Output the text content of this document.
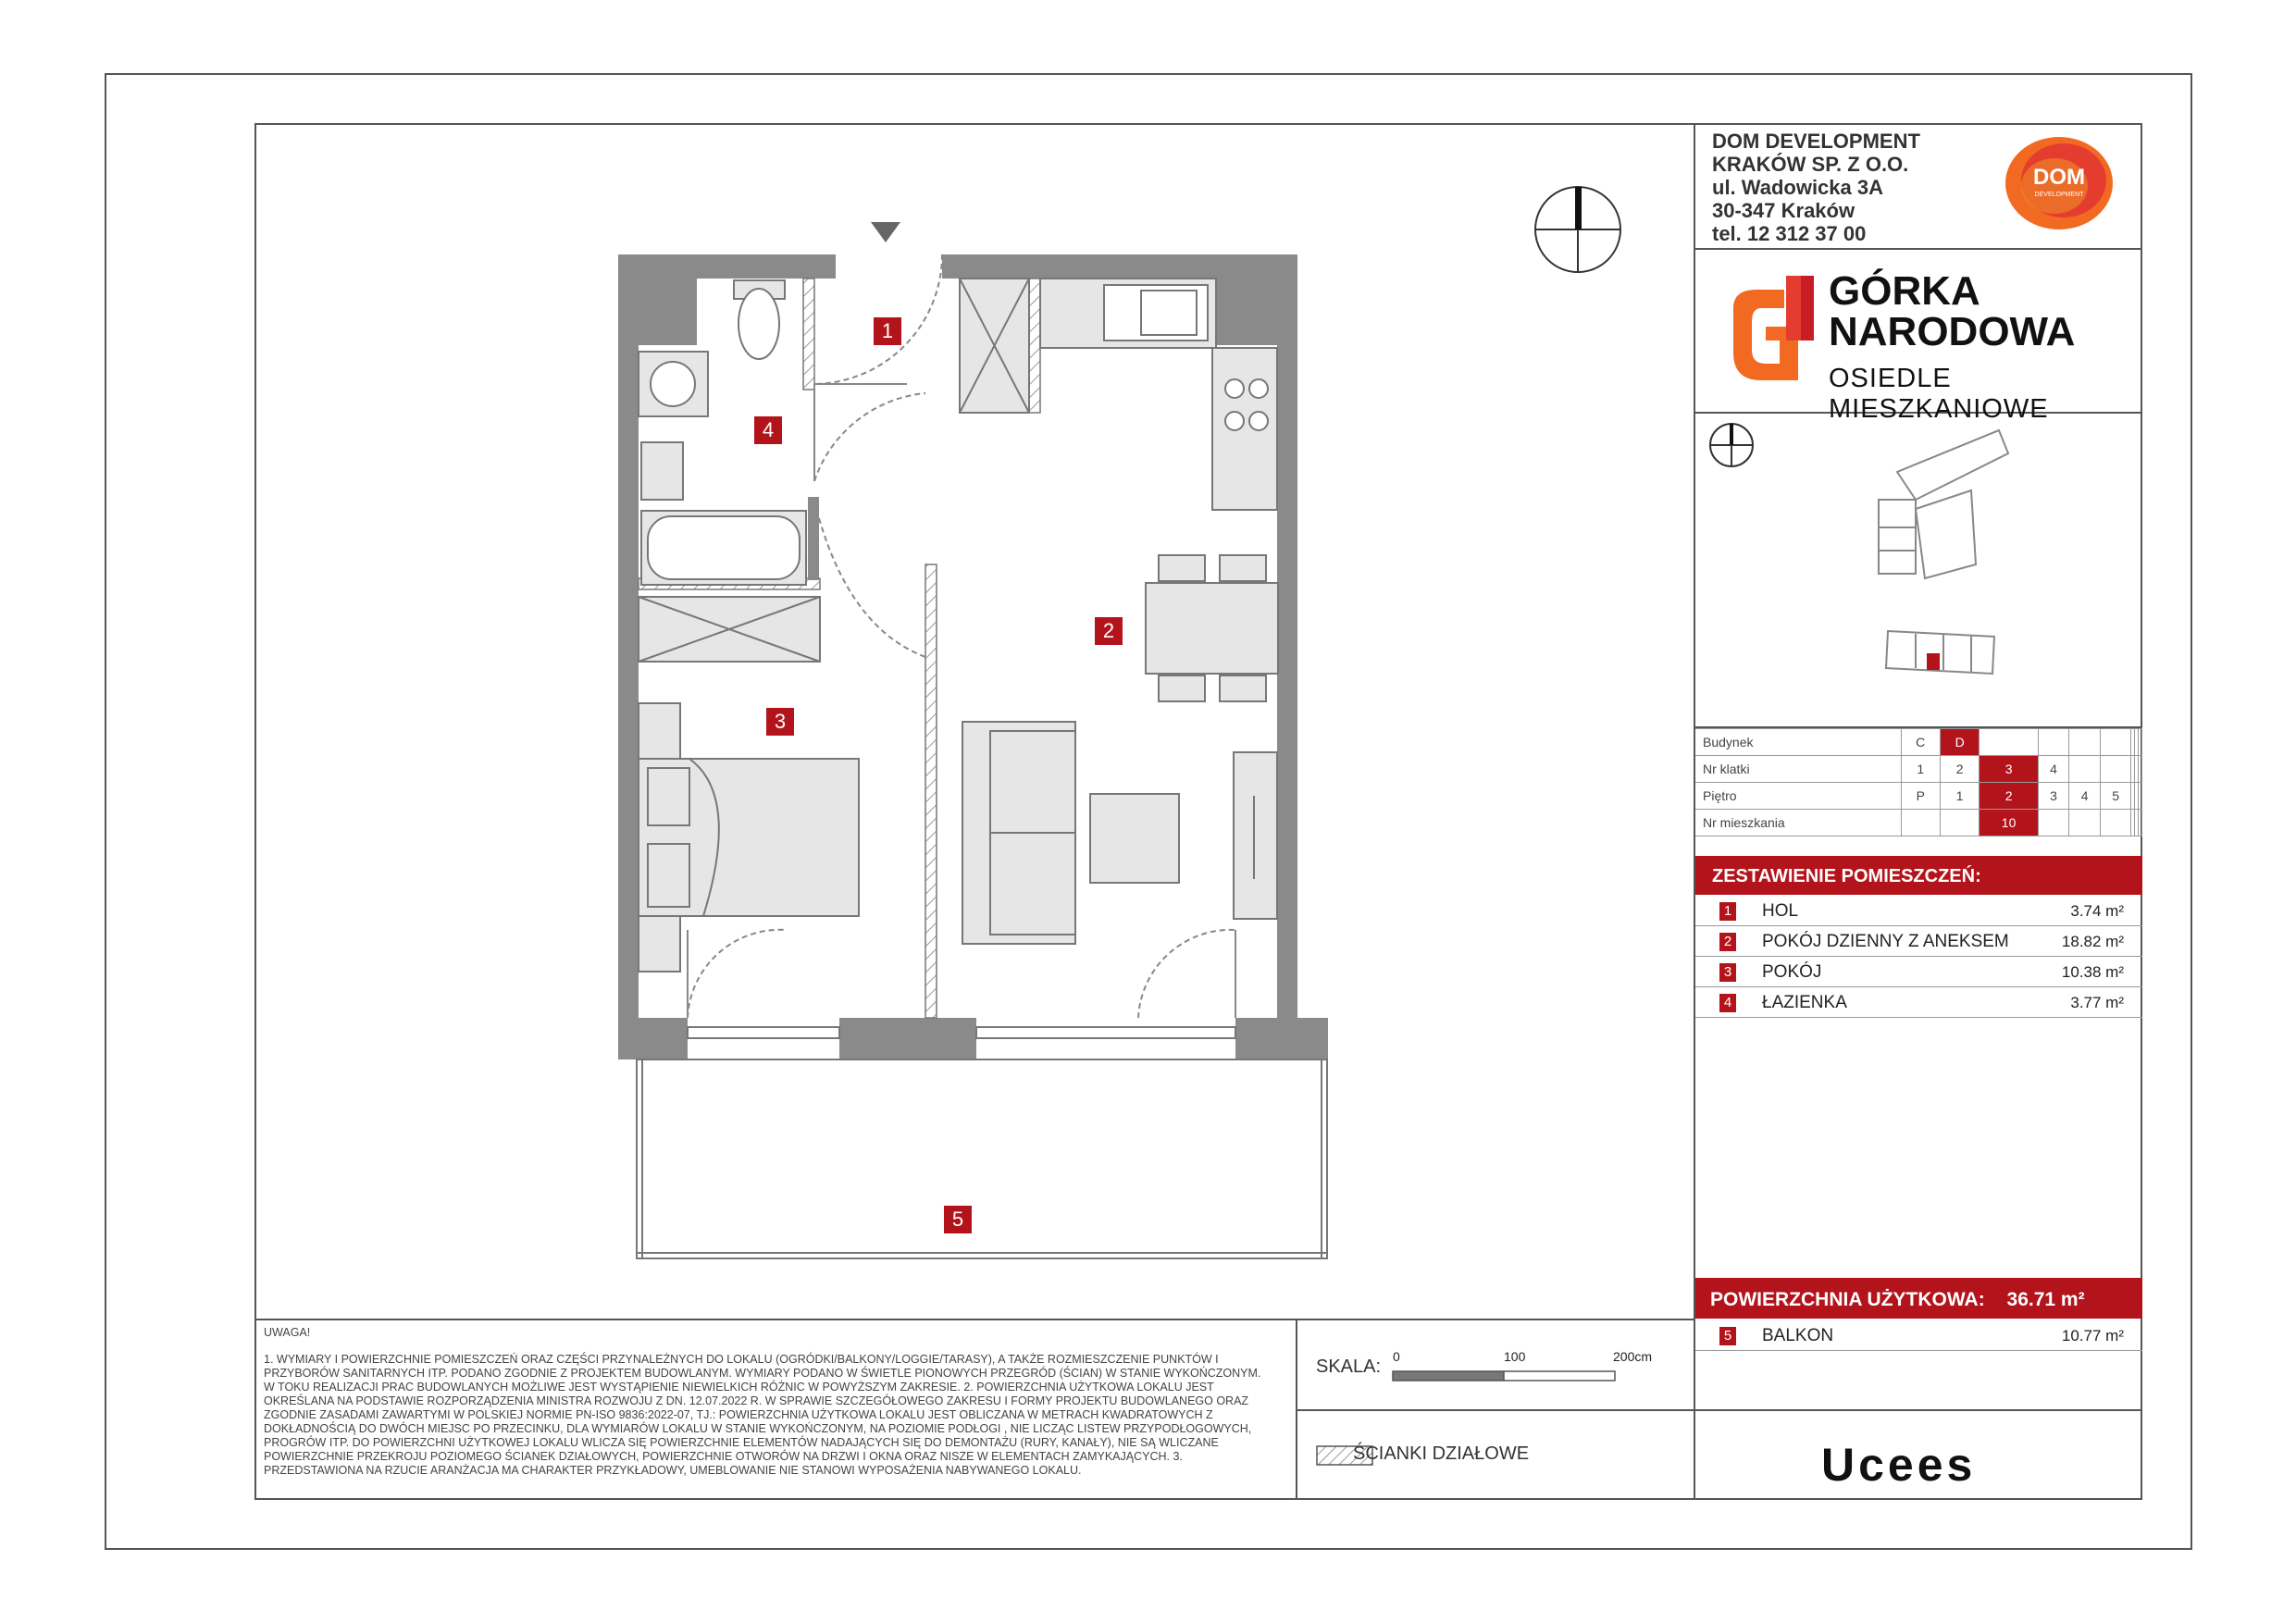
DOM DEVELOPMENT
KRAKÓW SP. Z O.O.
ul. Wadowicka 3A
30-347 Kraków
tel. 12 312 37 00
DOM
DEVELOPMENT
GÓRKA
NARODOWA
OSIEDLE MIESZKANIOWE
Budynek	C	D							
Nr klatki	1	2	3	4					
Piętro	P	1	2	3	4	5			
Nr mieszkania			10						
ZESTAWIENIE POMIESZCZEŃ:
1 HOL	3.74 m²
2 POKÓJ DZIENNY Z ANEKSEM	18.82 m²
3 POKÓJ	10.38 m²
4 ŁAZIENKA	3.77 m²
POWIERZCHNIA UŻYTKOWA: 36.71 m²
5 BALKON	10.77 m²
1
2
3
4
5
UWAGA!
1. WYMIARY I POWIERZCHNIE POMIESZCZEŃ ORAZ CZĘŚCI PRZYNALEŻNYCH DO LOKALU (OGRÓDKI/BALKONY/LOGGIE/TARASY), A TAKŻE ROZMIESZCZENIE PUNKTÓW I PRZYBORÓW SANITARNYCH ITP. PODANO ZGODNIE Z PROJEKTEM BUDOWLANYM. WYMIARY PODANO W ŚWIETLE PIONOWYCH PRZEGRÓD (ŚCIAN) W STANIE WYKOŃCZONYM. W TOKU REALIZACJI PRAC BUDOWLANYCH MOŻLIWE JEST WYSTĄPIENIE NIEWIELKICH RÓŻNIC W POWYŻSZYM ZAKRESIE. 2. POWIERZCHNIA UŻYTKOWA LOKALU JEST OKREŚLANA NA PODSTAWIE ROZPORZĄDZENIA MINISTRA ROZWOJU Z DN. 12.07.2022 R. W SPRAWIE SZCZEGÓŁOWEGO ZAKRESU I FORMY PROJEKTU BUDOWLANEGO ORAZ ZGODNIE ZASADAMI ZAWARTYMI W POLSKIEJ NORMIE PN-ISO 9836:2022-07, TJ.: POWIERZCHNIA UŻYTKOWA LOKALU JEST OBLICZANA W METRACH KWADRATOWYCH Z DOKŁADNOŚCIĄ DO DWÓCH MIEJSC PO PRZECINKU, DLA WYMIARÓW LOKALU W STANIE WYKOŃCZONYM, NA POZIOMIE PODŁOGI , NIE LICZĄC LISTEW PRZYPODŁOGOWYCH, PROGRÓW ITP. DO POWIERZCHNI UŻYTKOWEJ LOKALU WLICZA SIĘ POWIERZCHNIE ELEMENTÓW NADAJĄCYCH SIĘ DO DEMONTAŻU (RURY, KANAŁY), NIE SĄ WLICZANE POWIERZCHNIE PRZEKROJU POZIOMEGO ŚCIANEK DZIAŁOWYCH, POWIERZCHNIE OTWORÓW NA DRZWI I OKNA ORAZ NISZE W ELEMENTACH ZAMYKAJĄCYCH. 3. PRZEDSTAWIONA NA RZUCIE ARANŻACJA MA CHARAKTER PRZYKŁADOWY, UMEBLOWANIE NIE STANOWI WYPOSAŻENIA NABYWANEGO LOKALU.
SKALA: 0	100	200cm
ŚCIANKI DZIAŁOWE	Ucees
